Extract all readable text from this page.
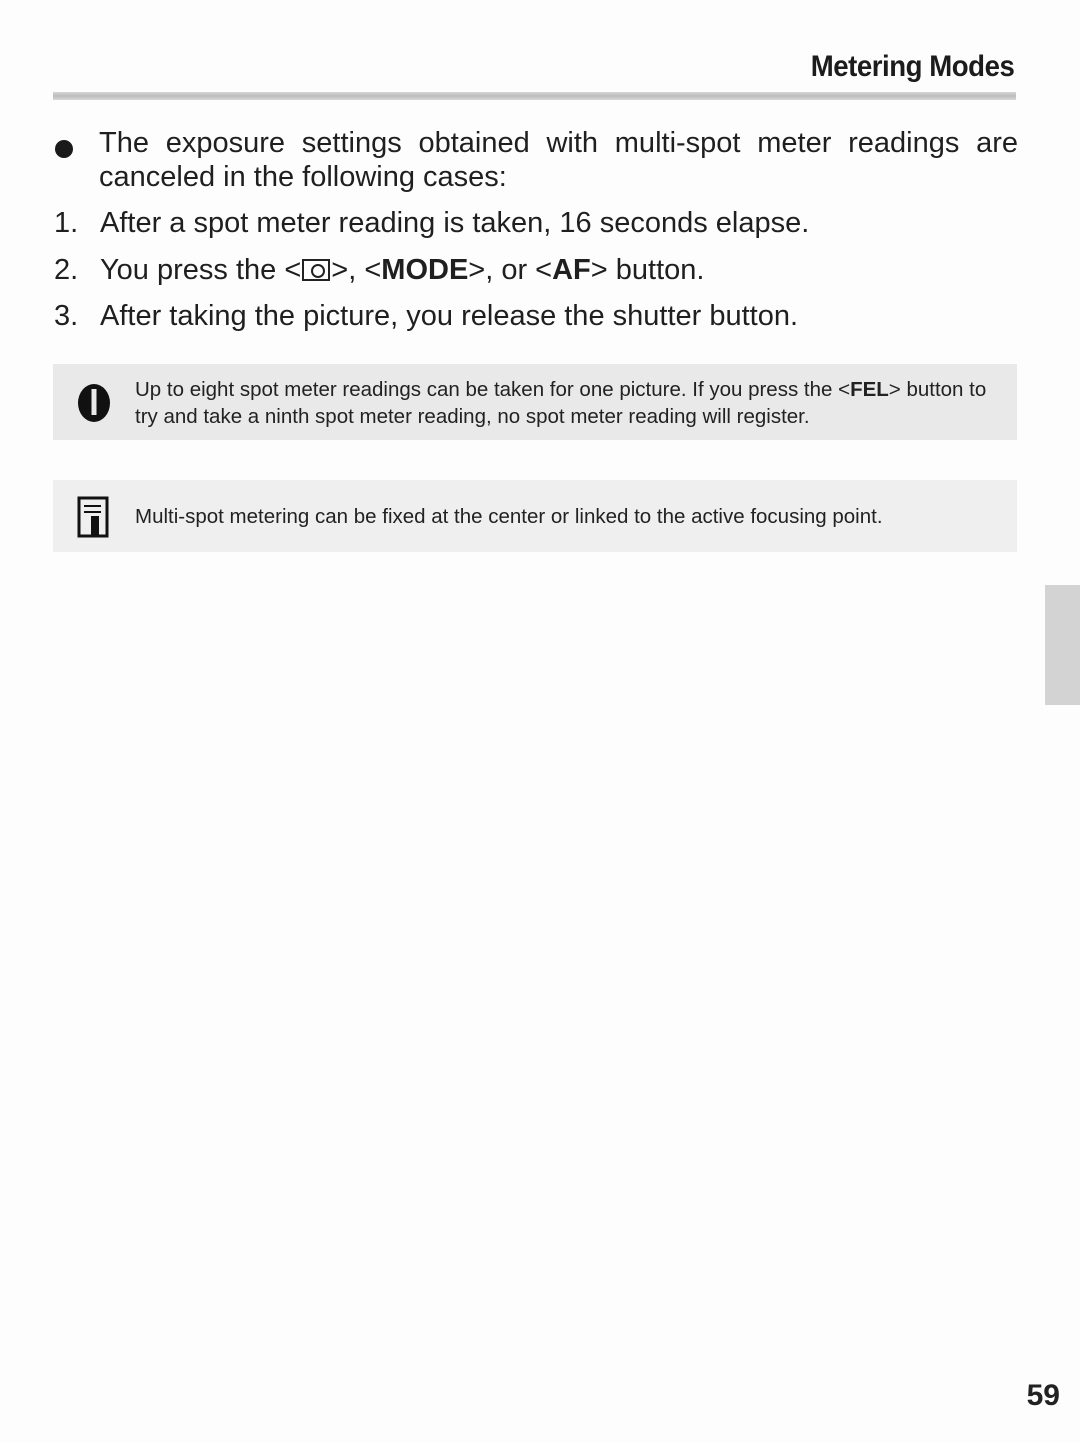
Metering Modes
The exposure settings obtained with multi-spot meter readings are canceled in the following cases:
1. After a spot meter reading is taken, 16 seconds elapse.
2. You press the < >, <MODE>, or <AF> button.
3. After taking the picture, you release the shutter button.
Up to eight spot meter readings can be taken for one picture. If you press the <FEL> button to try and take a ninth spot meter reading, no spot meter reading will register.
Multi-spot metering can be fixed at the center or linked to the active focusing point.
59
